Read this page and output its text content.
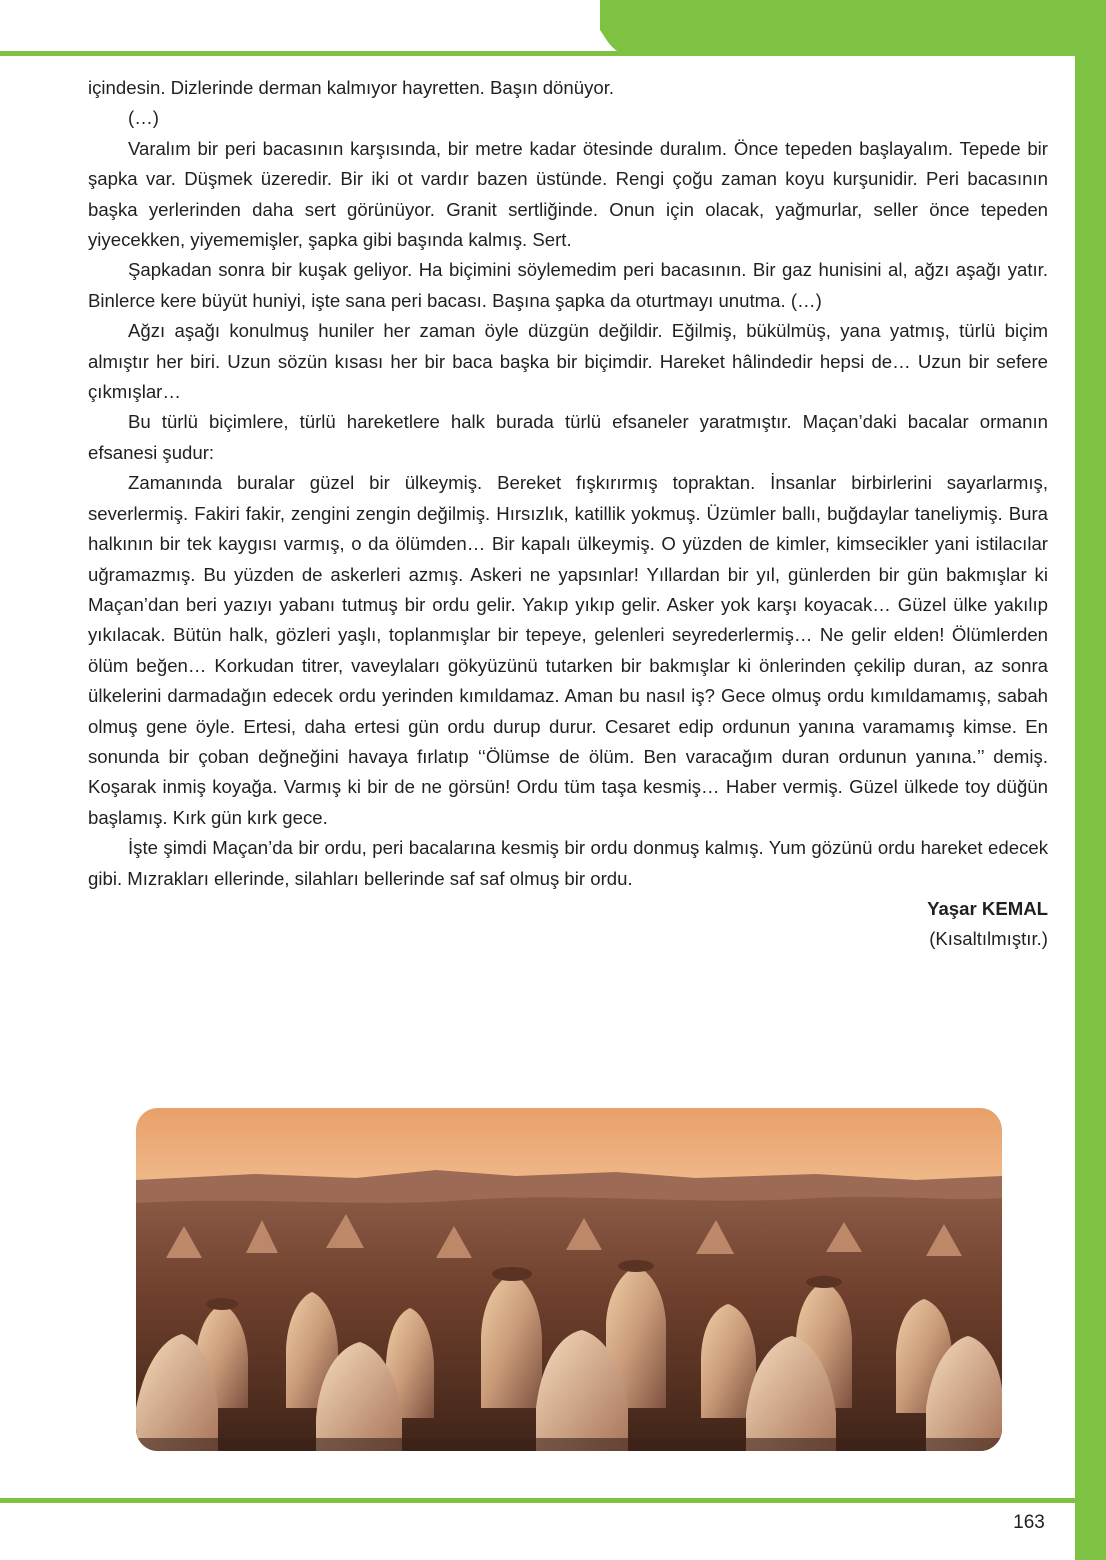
163

içindesin. Dizlerinde derman kalmıyor hayretten. Başın dönüyor.

(…)

Varalım bir peri bacasının karşısında, bir metre kadar ötesinde duralım. Önce tepeden başlayalım. Tepede bir şapka var. Düşmek üzeredir. Bir iki ot vardır bazen üstünde. Rengi çoğu zaman koyu kurşunidir. Peri bacasının başka yerlerinden daha sert görünüyor. Granit sertliğinde. Onun için olacak, yağmurlar, seller önce tepeden yiyecekken, yiyememişler, şapka gibi başında kalmış. Sert.

Şapkadan sonra bir kuşak geliyor. Ha biçimini söylemedim peri bacasının. Bir gaz hunisini al, ağzı aşağı yatır. Binlerce kere büyüt huniyi, işte sana peri bacası. Başına şapka da oturtmayı unutma. (…)

Ağzı aşağı konulmuş huniler her zaman öyle düzgün değildir. Eğilmiş, bükülmüş, yana yatmış, türlü biçim almıştır her biri. Uzun sözün kısası her bir baca başka bir biçimdir. Hareket hâlindedir hepsi de… Uzun bir sefere çıkmışlar…

Bu türlü biçimlere, türlü hareketlere halk burada türlü efsaneler yaratmıştır. Maçan’daki bacalar ormanın efsanesi şudur:

Zamanında buralar güzel bir ülkeymiş. Bereket fışkırırmış topraktan. İnsanlar birbirlerini sayarlarmış, severlermiş. Fakiri fakir, zengini zengin değilmiş. Hırsızlık, katillik yokmuş. Üzümler ballı, buğdaylar taneliymiş. Bura halkının bir tek kaygısı varmış, o da ölümden… Bir kapalı ülkeymiş. O yüzden de kimler, kimsecikler yani istilacılar uğramazmış. Bu yüzden de askerleri azmış. Askeri ne yapsınlar! Yıllardan bir yıl, günlerden bir gün bakmışlar ki Maçan’dan beri yazıyı yabanı tutmuş bir ordu gelir. Yakıp yıkıp gelir. Asker yok karşı koyacak… Güzel ülke yakılıp yıkılacak. Bütün halk, gözleri yaşlı, toplanmışlar bir tepeye, gelenleri seyrederlermiş… Ne gelir elden! Ölümlerden ölüm beğen… Korkudan titrer, vaveylaları gökyüzünü tutarken bir bakmışlar ki önlerinden çekilip duran, az sonra ülkelerini darmadağın edecek ordu yerinden kımıldamaz. Aman bu nasıl iş? Gece olmuş ordu kımıldamamış, sabah olmuş gene öyle. Ertesi, daha ertesi gün ordu durup durur. Cesaret edip ordunun yanına varamamış kimse. En sonunda bir çoban değneğini havaya fırlatıp ‘‘Ölümse de ölüm. Ben varacağım duran ordunun yanına.’’ demiş. Koşarak inmiş koyağa. Varmış ki bir de ne görsün! Ordu tüm taşa kesmiş… Haber vermiş. Güzel ülkede toy düğün başlamış. Kırk gün kırk gece.

İşte şimdi Maçan’da bir ordu, peri bacalarına kesmiş bir ordu donmuş kalmış. Yum gözünü ordu hareket edecek gibi. Mızrakları ellerinde, silahları bellerinde saf saf olmuş bir ordu.

Yaşar KEMAL

(Kısaltılmıştır.)
